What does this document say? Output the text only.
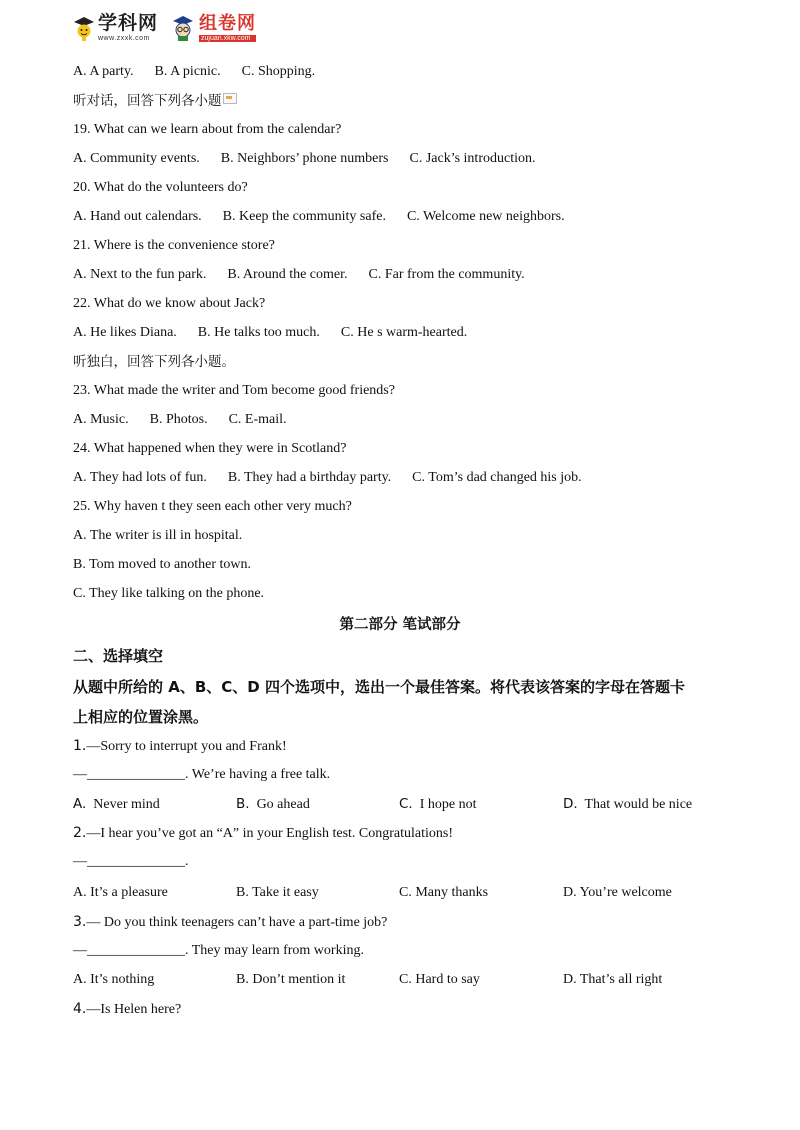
学科网
www.zxxk.com
组卷网
zujuan.xkw.com
A. A party.      B. A picnic.      C. Shopping.
听对话，回答下列各小题
19. What can we learn about from the calendar?
A. Community events.      B. Neighbors’ phone numbers      C. Jack’s introduction.
20. What do the volunteers do?
A. Hand out calendars.      B. Keep the community safe.      C. Welcome new neighbors.
21. Where is the convenience store?
A. Next to the fun park.      B. Around the comer.      C. Far from the community.
22. What do we know about Jack?
A. He likes Diana.      B. He talks too much.      C. He s warm-hearted.
听独白，回答下列各小题。
23. What made the writer and Tom become good friends?
A. Music.      B. Photos.      C. E-mail.
24. What happened when they were in Scotland?
A. They had lots of fun.      B. They had a birthday party.      C. Tom’s dad changed his job.
25. Why haven t they seen each other very much?
A. The writer is ill in hospital.
B. Tom moved to another town.
C. They like talking on the phone.
第二部分 笔试部分
二、选择填空
从题中所给的 A、B、C、D 四个选项中，选出一个最佳答案。将代表该答案的字母在答题卡
上相应的位置涂黑。
1.—Sorry to interrupt you and Frank!
—______________. We’re having a free talk.
A. Never mind	B. Go ahead	C. I hope not	D. That would be nice
2.—I hear you’ve got an “A” in your English test. Congratulations!
—______________.
A. It’s a pleasure	B. Take it easy	C. Many thanks	D. You’re welcome
3.— Do you think teenagers can’t have a part-time job?
—______________. They may learn from working.
A. It’s nothing	B. Don’t mention it	C. Hard to say	D. That’s all right
4.—Is Helen here?
